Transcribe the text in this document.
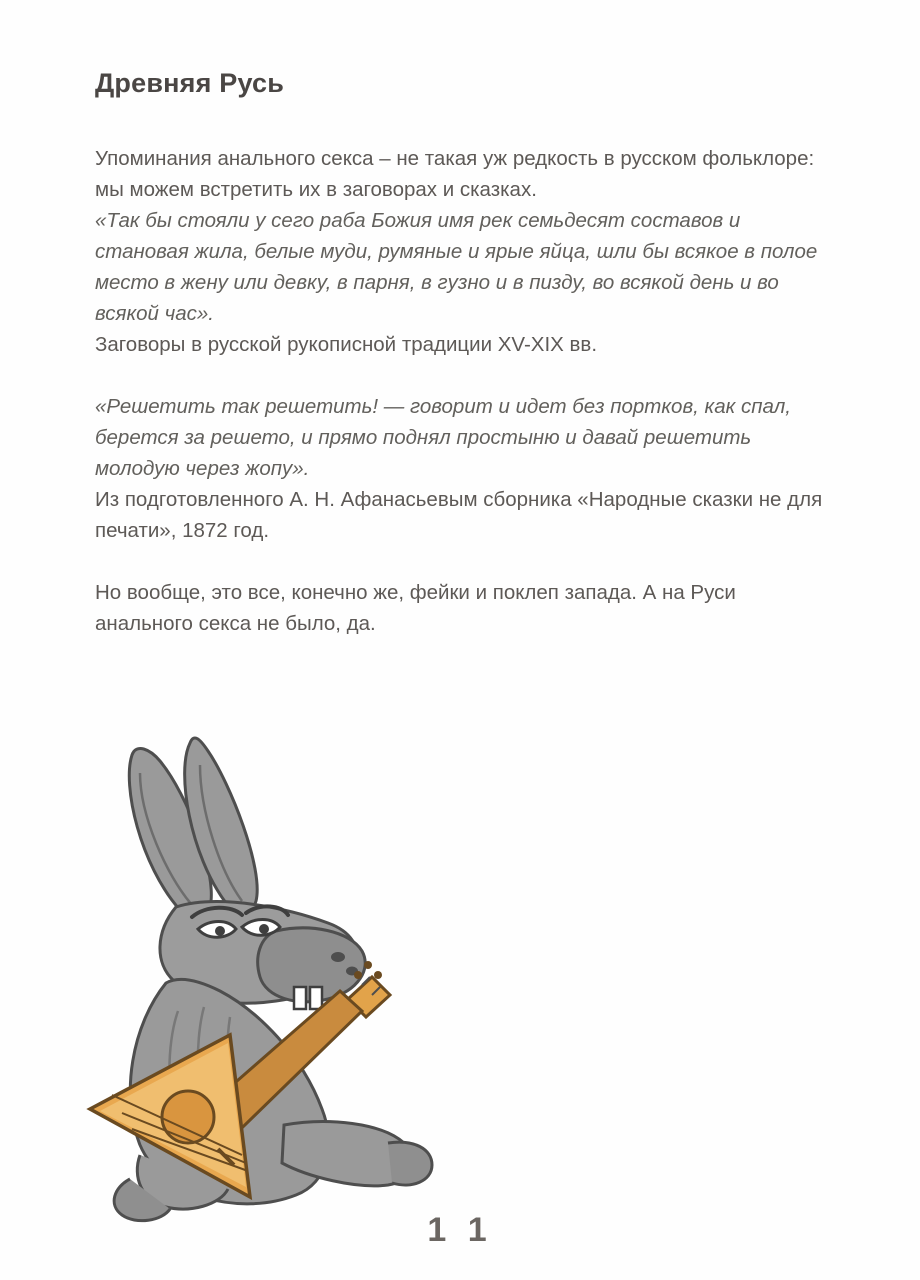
Древняя Русь

Упоминания анального секса – не такая уж редкость в русском фольклоре: мы можем встретить их в заговорах и сказках.

«Так бы стояли у сего раба Божия имя рек семьдесят составов и становая жила, белые муди, румяные и ярые яйца, шли бы всякое в полое место в жену или девку, в парня, в гузно и в пизду, во всякой день и во всякой час».

Заговоры в русской рукописной традиции XV-XIX вв.

«Решетить так решетить! — говорит и идет без портков, как спал, берется за решето, и прямо поднял простыню и давай решетить молодую через жопу».

Из подготовленного А. Н. Афанасьевым сборника «Народные сказки не для печати», 1872 год.

Но вообще, это все, конечно же, фейки и поклеп запада. А на Руси анального секса не было, да.

1 1
